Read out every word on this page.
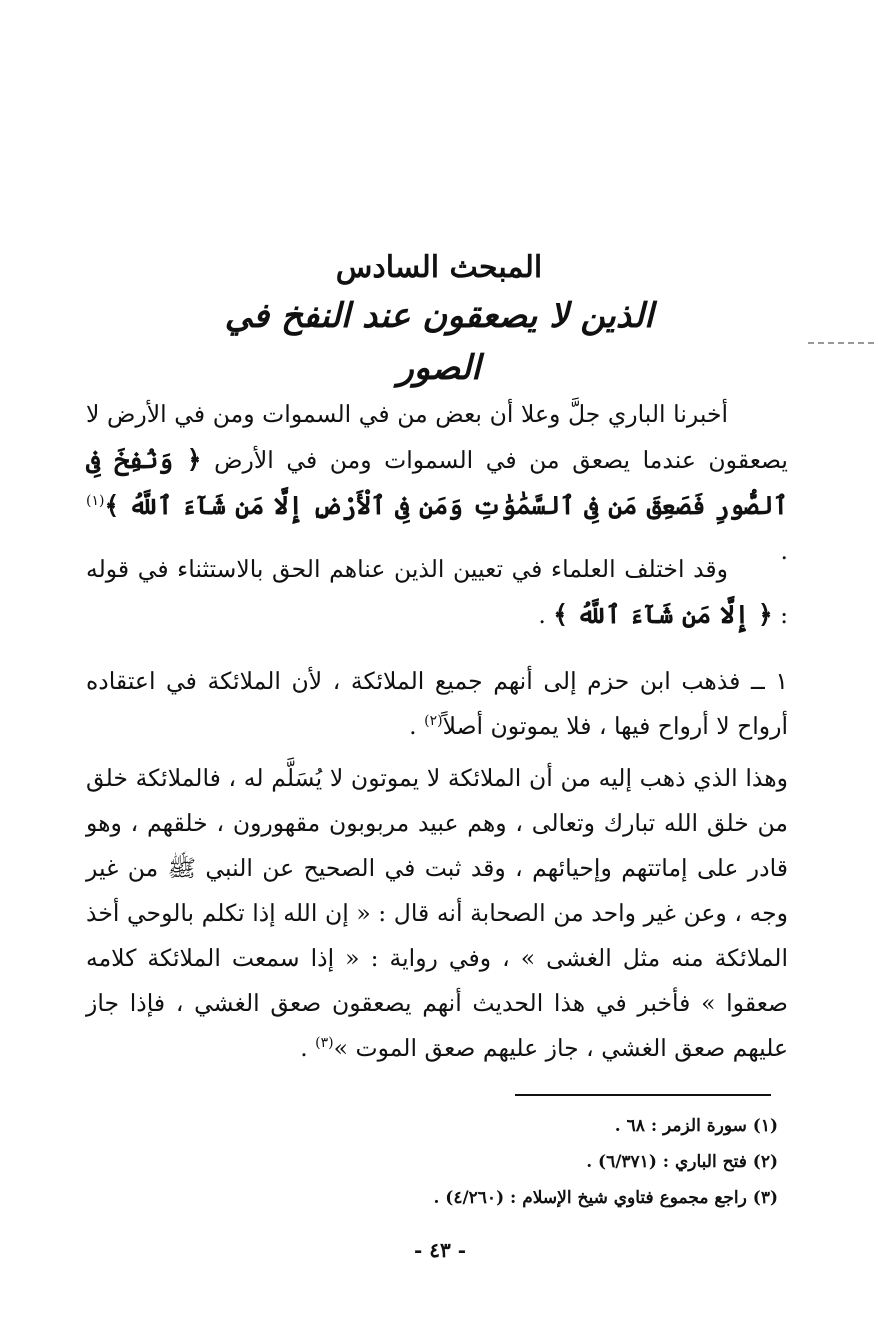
المبحث السادس

الذين لا يصعقون عند النفخ في الصور

أخبرنا الباري جلَّ وعلا أن بعض من في السموات ومن في الأرض لا يصعقون عندما يصعق من في السموات ومن في الأرض ﴿ وَنُفِخَ فِى ٱلصُّورِ فَصَعِقَ مَن فِى ٱلسَّمَٰوَٰتِ وَمَن فِى ٱلْأَرْضِ إِلَّا مَن شَآءَ ٱللَّهُ ﴾$^{(١)}$ .

وقد اختلف العلماء في تعيين الذين عناهم الحق بالاستثناء في قوله : ﴿ إِلَّا مَن شَآءَ ٱللَّهُ ﴾ .

١ ــ فذهب ابن حزم إلى أنهم جميع الملائكة ، لأن الملائكة في اعتقاده أرواح لا أرواح فيها ، فلا يموتون أصلاً$^{(٢)}$ .

وهذا الذي ذهب إليه من أن الملائكة لا يموتون لا يُسَلَّم له ، فالملائكة خلق من خلق الله تبارك وتعالى ، وهم عبيد مربوبون مقهورون ، خلقهم ، وهو قادر على إماتتهم وإحيائهم ، وقد ثبت في الصحيح عن النبي ﷺ من غير وجه ، وعن غير واحد من الصحابة أنه قال : « إن الله إذا تكلم بالوحي أخذ الملائكة منه مثل الغشى » ، وفي رواية : « إذا سمعت الملائكة كلامه صعقوا » فأخبر في هذا الحديث أنهم يصعقون صعق الغشي ، فإذا جاز عليهم صعق الغشي ، جاز عليهم صعق الموت »$^{(٣)}$ .

(١) سورة الزمر : ٦٨ .
(٢) فتح الباري : (٦/٣٧١) .
(٣) راجع مجموع فتاوي شيخ الإسلام : (٤/٢٦٠) .
- ٤٣ -
